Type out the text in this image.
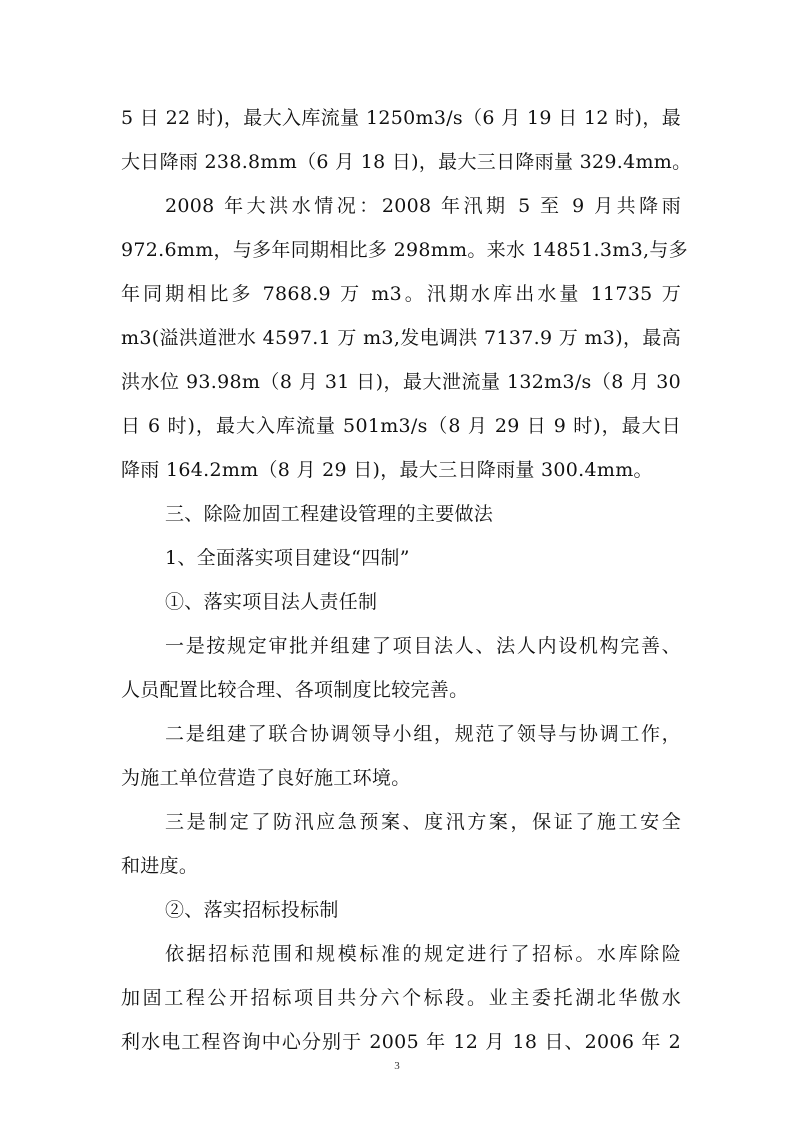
5 日 22 时)，最大入库流量 1250m3/s（6 月 19 日 12 时)，最
大日降雨 238.8mm（6 月 18 日)，最大三日降雨量 329.4mm。
2008 年大洪水情况：2008 年汛期 5 至 9 月共降雨
972.6mm，与多年同期相比多 298mm。来水 14851.3m3,与多
年同期相比多 7868.9 万 m3。汛期水库出水量 11735 万
m3(溢洪道泄水 4597.1 万 m3,发电调洪 7137.9 万 m3)，最高
洪水位 93.98m（8 月 31 日)，最大泄流量 132m3/s（8 月 30
日 6 时)，最大入库流量 501m3/s（8 月 29 日 9 时)，最大日
降雨 164.2mm（8 月 29 日)，最大三日降雨量 300.4mm。
三、除险加固工程建设管理的主要做法
1、全面落实项目建设“四制”
①、落实项目法人责任制
一是按规定审批并组建了项目法人、法人内设机构完善、
人员配置比较合理、各项制度比较完善。
二是组建了联合协调领导小组，规范了领导与协调工作，
为施工单位营造了良好施工环境。
三是制定了防汛应急预案、度汛方案，保证了施工安全
和进度。
②、落实招标投标制
依据招标范围和规模标准的规定进行了招标。水库除险
加固工程公开招标项目共分六个标段。业主委托湖北华傲水
利水电工程咨询中心分别于 2005 年 12 月 18 日、2006 年 2
3
